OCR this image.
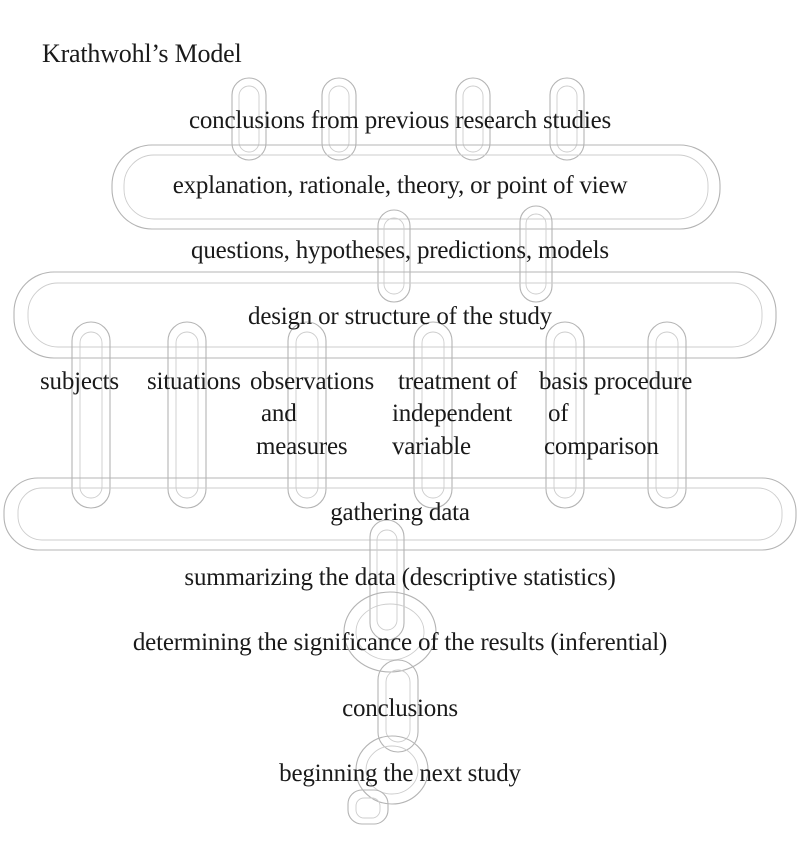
Krathwohl’s Model
conclusions from previous research studies
explanation, rationale, theory, or point of view
questions, hypotheses, predictions, models
design or structure of the study
subjects situations observations
and
measures
treatment of
independent
variable
basis procedure
of
comparison
gathering data
summarizing the data (descriptive statistics)
determining the significance of the results (inferential)
conclusions
beginning the next study
